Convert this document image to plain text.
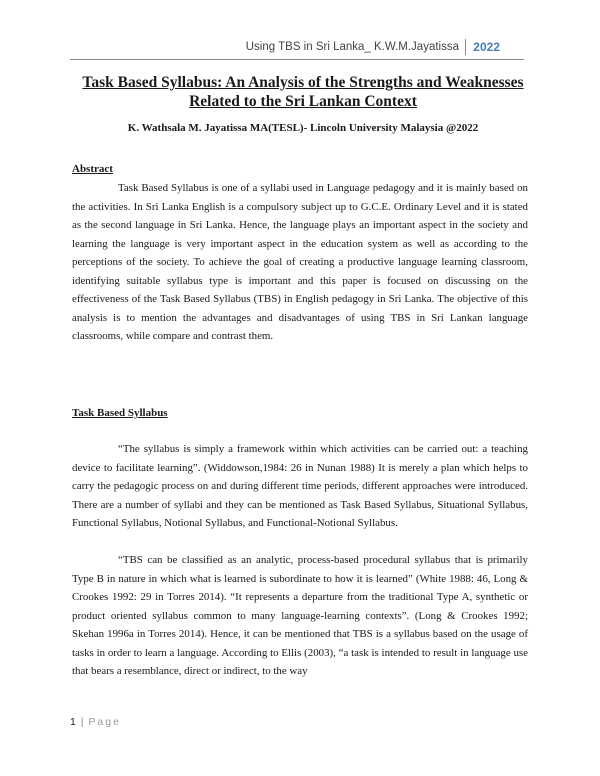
Using TBS in Sri Lanka_ K.W.M.Jayatissa	2022
Task Based Syllabus: An Analysis of the Strengths and Weaknesses
Related to the Sri Lankan Context
K. Wathsala M. Jayatissa MA(TESL)- Lincoln University Malaysia @2022
Abstract

Task Based Syllabus is one of a syllabi used in Language pedagogy and it is mainly based on the activities. In Sri Lanka English is a compulsory subject up to G.C.E. Ordinary Level and it is stated as the second language in Sri Lanka. Hence, the language plays an important aspect in the society and learning the language is very important aspect in the education system as well as according to the perceptions of the society. To achieve the goal of creating a productive language learning classroom, identifying suitable syllabus type is important and this paper is focused on discussing on the effectiveness of the Task Based Syllabus (TBS) in English pedagogy in Sri Lanka. The objective of this analysis is to mention the advantages and disadvantages of using TBS in Sri Lankan language classrooms, while compare and contrast them.

Task Based Syllabus

“The syllabus is simply a framework within which activities can be carried out: a teaching device to facilitate learning”. (Widdowson,1984: 26 in Nunan 1988) It is merely a plan which helps to carry the pedagogic process on and during different time periods, different approaches were introduced. There are a number of syllabi and they can be mentioned as Task Based Syllabus, Situational Syllabus, Functional Syllabus, Notional Syllabus, and Functional-Notional Syllabus.

“TBS can be classified as an analytic, process-based procedural syllabus that is primarily Type B in nature in which what is learned is subordinate to how it is learned” (White 1988: 46, Long & Crookes 1992: 29 in Torres 2014). “It represents a departure from the traditional Type A, synthetic or product oriented syllabus common to many language-learning contexts”. (Long & Crookes 1992; Skehan 1996a in Torres 2014). Hence, it can be mentioned that TBS is a syllabus based on the usage of tasks in order to learn a language. According to Ellis (2003), “a task is intended to result in language use that bears a resemblance, direct or indirect, to the way

1 | Page
